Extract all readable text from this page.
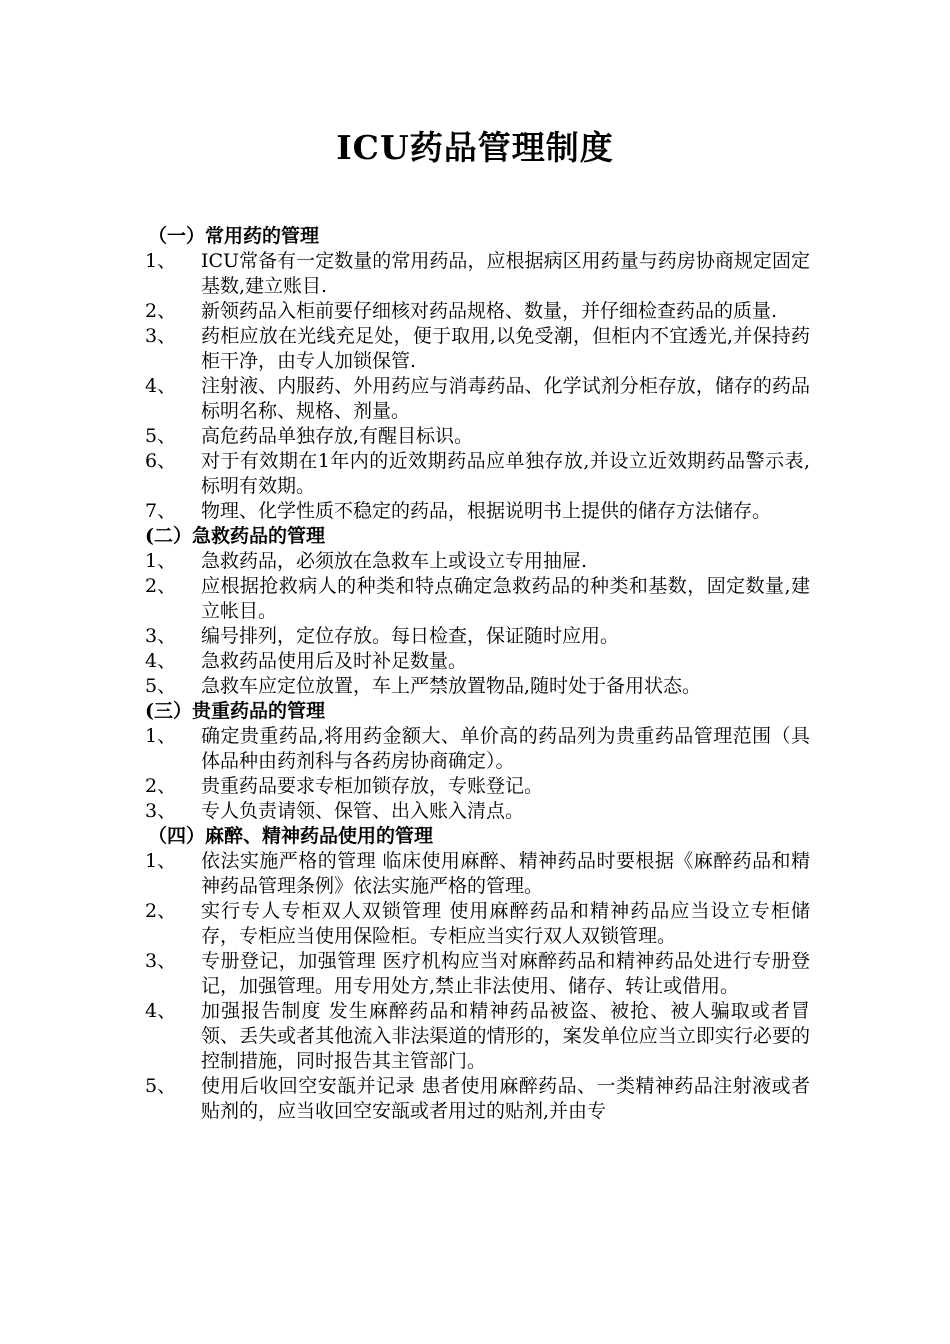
ICU药品管理制度
（一）常用药的管理
1、	ICU常备有一定数量的常用药品，应根据病区用药量与药房协商规定固定基数,建立账目.
2、	新领药品入柜前要仔细核对药品规格、数量，并仔细检查药品的质量.
3、	药柜应放在光线充足处，便于取用,以免受潮，但柜内不宜透光,并保持药柜干净，由专人加锁保管.
4、	注射液、内服药、外用药应与消毒药品、化学试剂分柜存放，储存的药品标明名称、规格、剂量。
5、	高危药品单独存放,有醒目标识。
6、	对于有效期在1年内的近效期药品应单独存放,并设立近效期药品警示表,标明有效期。
7、	物理、化学性质不稳定的药品，根据说明书上提供的储存方法储存。
(二）急救药品的管理
1、	急救药品，必须放在急救车上或设立专用抽屉.
2、	应根据抢救病人的种类和特点确定急救药品的种类和基数，固定数量,建立帐目。
3、	编号排列，定位存放。每日检查，保证随时应用。
4、	急救药品使用后及时补足数量。
5、	急救车应定位放置，车上严禁放置物品,随时处于备用状态。
(三）贵重药品的管理
1、	确定贵重药品,将用药金额大、单价高的药品列为贵重药品管理范围（具体品种由药剂科与各药房协商确定）。
2、	贵重药品要求专柜加锁存放，专账登记。
3、	专人负责请领、保管、出入账入清点。
（四）麻醉、精神药品使用的管理
1、	依法实施严格的管理 临床使用麻醉、精神药品时要根据《麻醉药品和精神药品管理条例》依法实施严格的管理。
2、	实行专人专柜双人双锁管理 使用麻醉药品和精神药品应当设立专柜储存，专柜应当使用保险柜。专柜应当实行双人双锁管理。
3、	专册登记，加强管理 医疗机构应当对麻醉药品和精神药品处进行专册登记，加强管理。用专用处方,禁止非法使用、储存、转让或借用。
4、	加强报告制度 发生麻醉药品和精神药品被盗、被抢、被人骗取或者冒领、丢失或者其他流入非法渠道的情形的，案发单位应当立即实行必要的控制措施，同时报告其主管部门。
5、	使用后收回空安瓿并记录 患者使用麻醉药品、一类精神药品注射液或者贴剂的，应当收回空安瓿或者用过的贴剂,并由专
